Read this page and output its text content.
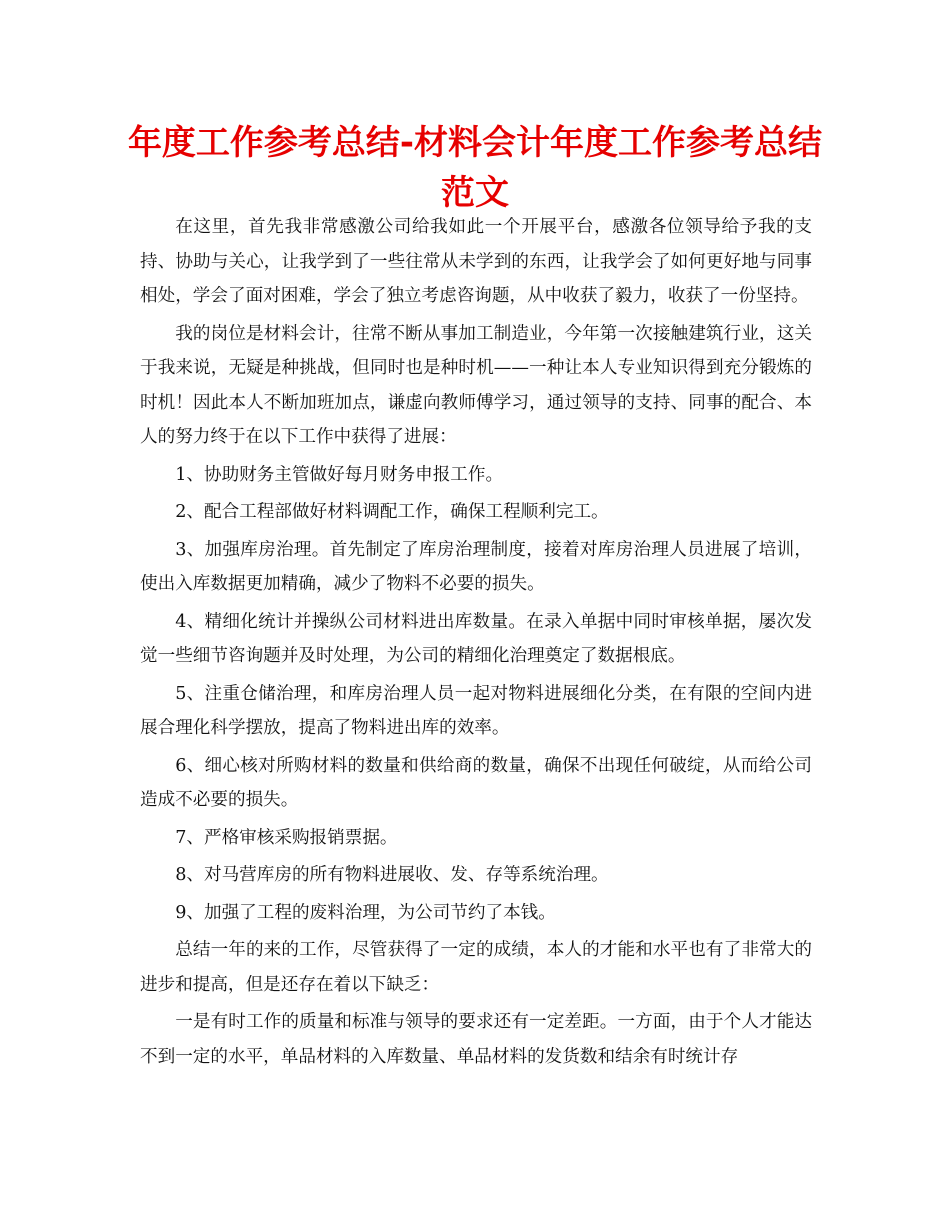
年度工作参考总结-材料会计年度工作参考总结范文

在这里，首先我非常感激公司给我如此一个开展平台，感激各位领导给予我的支持、协助与关心，让我学到了一些往常从未学到的东西，让我学会了如何更好地与同事相处，学会了面对困难，学会了独立考虑咨询题，从中收获了毅力，收获了一份坚持。

我的岗位是材料会计，往常不断从事加工制造业，今年第一次接触建筑行业，这关于我来说，无疑是种挑战，但同时也是种时机——一种让本人专业知识得到充分锻炼的时机！因此本人不断加班加点，谦虚向教师傅学习，通过领导的支持、同事的配合、本人的努力终于在以下工作中获得了进展：

1、协助财务主管做好每月财务申报工作。

2、配合工程部做好材料调配工作，确保工程顺利完工。

3、加强库房治理。首先制定了库房治理制度，接着对库房治理人员进展了培训，使出入库数据更加精确，减少了物料不必要的损失。

4、精细化统计并操纵公司材料进出库数量。在录入单据中同时审核单据，屡次发觉一些细节咨询题并及时处理，为公司的精细化治理奠定了数据根底。

5、注重仓储治理，和库房治理人员一起对物料进展细化分类，在有限的空间内进展合理化科学摆放，提高了物料进出库的效率。

6、细心核对所购材料的数量和供给商的数量，确保不出现任何破绽，从而给公司造成不必要的损失。

7、严格审核采购报销票据。

8、对马营库房的所有物料进展收、发、存等系统治理。

9、加强了工程的废料治理，为公司节约了本钱。

总结一年的来的工作，尽管获得了一定的成绩，本人的才能和水平也有了非常大的进步和提高，但是还存在着以下缺乏：

一是有时工作的质量和标准与领导的要求还有一定差距。一方面，由于个人才能达不到一定的水平，单品材料的入库数量、单品材料的发货数和结余有时统计存
